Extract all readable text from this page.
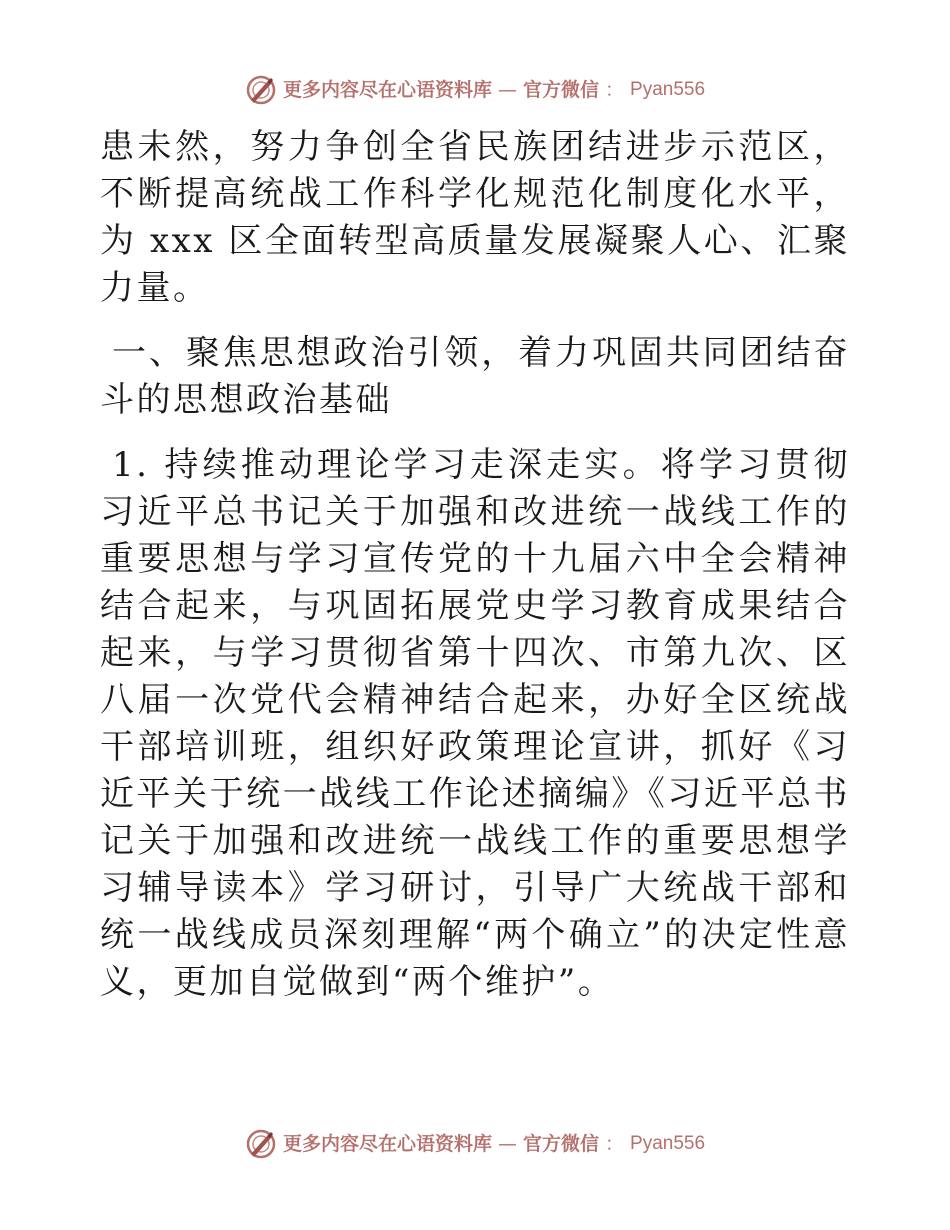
更多内容尽在心语资料库 — 官方微信 ： Pyan556

患未然，努力争创全省民族团结进步示范区，不断提高统战工作科学化规范化制度化水平，为 xxx 区全面转型高质量发展凝聚人心、汇聚力量。

一、聚焦思想政治引领，着力巩固共同团结奋斗的思想政治基础

1. 持续推动理论学习走深走实。将学习贯彻习近平总书记关于加强和改进统一战线工作的重要思想与学习宣传党的十九届六中全会精神结合起来，与巩固拓展党史学习教育成果结合起来，与学习贯彻省第十四次、市第九次、区八届一次党代会精神结合起来，办好全区统战干部培训班，组织好政策理论宣讲，抓好《习近平关于统一战线工作论述摘编》《习近平总书记关于加强和改进统一战线工作的重要思想学习辅导读本》学习研讨，引导广大统战干部和统一战线成员深刻理解“两个确立”的决定性意义，更加自觉做到“两个维护”。

更多内容尽在心语资料库 — 官方微信 ： Pyan556
